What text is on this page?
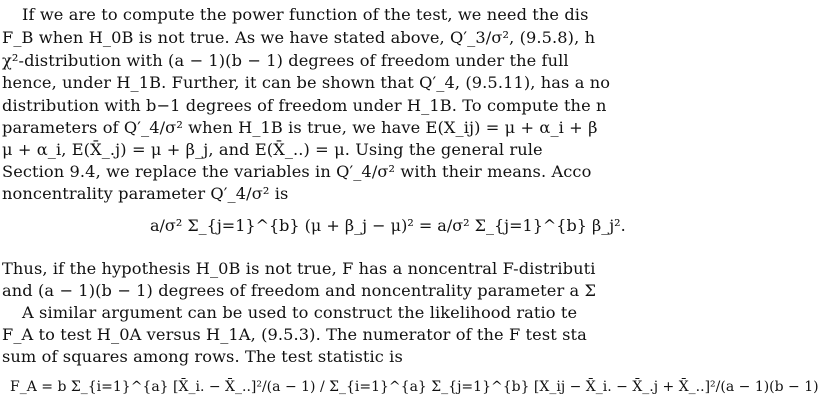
If we are to compute the power function of the test, we need the dis
F_B when H_0B is not true. As we have stated above, Q′_3/σ², (9.5.8), h
χ²-distribution with (a − 1)(b − 1) degrees of freedom under the full
hence, under H_1B. Further, it can be shown that Q′_4, (9.5.11), has a no
distribution with b−1 degrees of freedom under H_1B. To compute the n
parameters of Q′_4/σ² when H_1B is true, we have E(X_ij) = μ + α_i + β
μ + α_i, E(X̄_.j) = μ + β_j, and E(X̄_..) = μ. Using the general rule
Section 9.4, we replace the variables in Q′_4/σ² with their means. Acco
noncentrality parameter Q′_4/σ² is
a/σ² Σ_{j=1}^{b} (μ + β_j − μ)² = a/σ² Σ_{j=1}^{b} β_j².
Thus, if the hypothesis H_0B is not true, F has a noncentral F-distributi
and (a − 1)(b − 1) degrees of freedom and noncentrality parameter a Σ
A similar argument can be used to construct the likelihood ratio te
F_A to test H_0A versus H_1A, (9.5.3). The numerator of the F test sta
sum of squares among rows. The test statistic is
F_A = b Σ_{i=1}^{a} [X̄_i. − X̄_..]²/(a − 1) / Σ_{i=1}^{a} Σ_{j=1}^{b} [X_ij − X̄_i. − X̄_.j + X̄_..]²/(a − 1)(b − 1)
